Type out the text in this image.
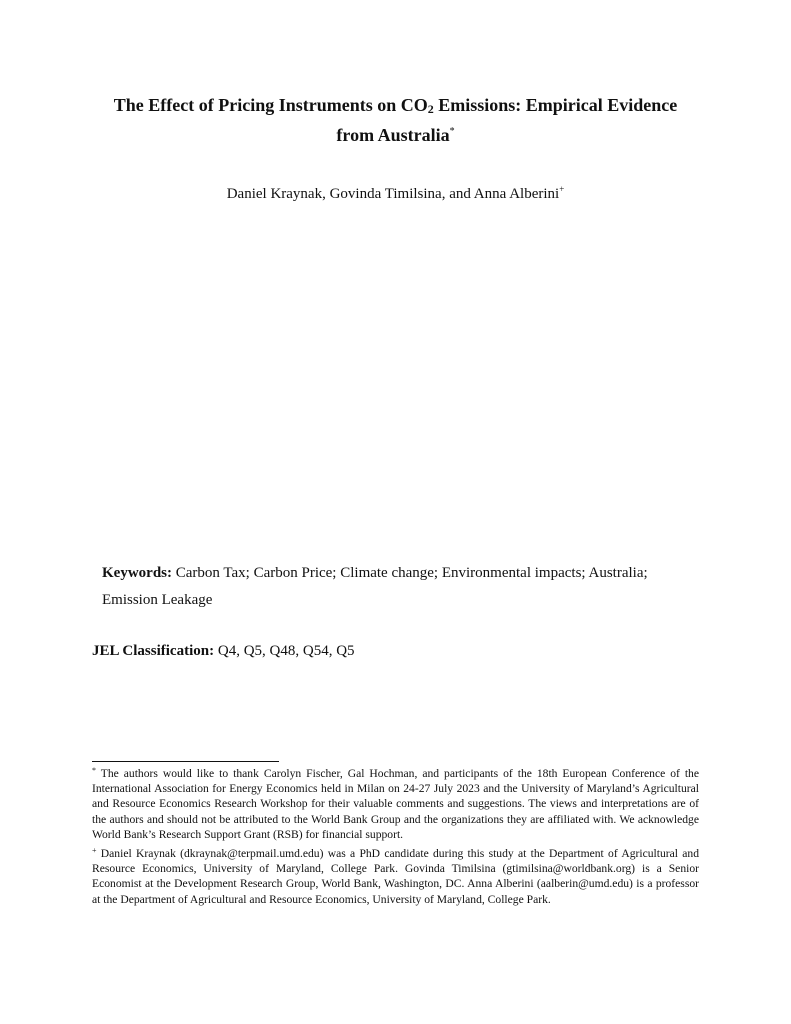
The Effect of Pricing Instruments on $CO_2$ Emissions: Empirical Evidence
from Australia*
Daniel Kraynak, Govinda Timilsina, and Anna Alberini+
Keywords: Carbon Tax; Carbon Price; Climate change; Environmental impacts; Australia; Emission Leakage
JEL Classification: Q4, Q5, Q48, Q54, Q5

* The authors would like to thank Carolyn Fischer, Gal Hochman, and participants of the 18th European Conference of the International Association for Energy Economics held in Milan on 24-27 July 2023 and the University of Maryland’s Agricultural and Resource Economics Research Workshop for their valuable comments and suggestions. The views and interpretations are of the authors and should not be attributed to the World Bank Group and the organizations they are affiliated with. We acknowledge World Bank’s Research Support Grant (RSB) for financial support.

+ Daniel Kraynak (dkraynak@terpmail.umd.edu) was a PhD candidate during this study at the Department of Agricultural and Resource Economics, University of Maryland, College Park. Govinda Timilsina (gtimilsina@worldbank.org) is a Senior Economist at the Development Research Group, World Bank, Washington, DC. Anna Alberini (aalberin@umd.edu) is a professor at the Department of Agricultural and Resource Economics, University of Maryland, College Park.
